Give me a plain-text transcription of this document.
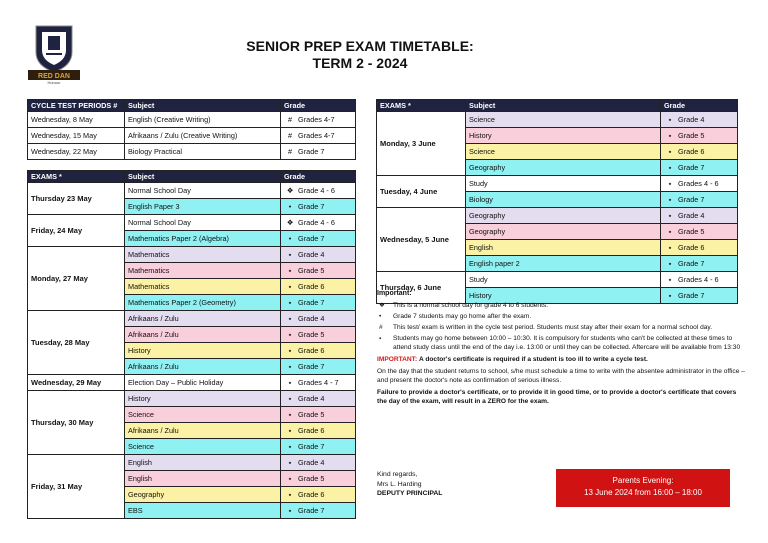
RED DAN
Honour
SENIOR PREP EXAM TIMETABLE:
TERM 2 - 2024
CYCLE TEST PERIODS #	Subject	Grade
Wednesday, 8 May	English (Creative Writing)	# Grades 4-7
Wednesday, 15 May	Afrikaans / Zulu (Creative Writing)	# Grades 4-7
Wednesday, 22 May	Biology Practical	# Grade 7
EXAMS *	Subject	Grade
Thursday 23 May	Normal School Day	❖ Grade 4 - 6
	English Paper 3	• Grade 7
Friday, 24 May	Normal School Day	❖ Grade 4 - 6
	Mathematics Paper 2 (Algebra)	• Grade 7
Monday, 27 May	Mathematics	⬩ Grade 4
	Mathematics	⬩ Grade 5
	Mathematics	⬩ Grade 6
	Mathematics Paper 2 (Geometry)	⬩ Grade 7
Tuesday, 28 May	Afrikaans / Zulu	⬩ Grade 4
	Afrikaans / Zulu	⬩ Grade 5
	History	⬩ Grade 6
	Afrikaans / Zulu	⬩ Grade 7
Wednesday, 29 May	Election Day – Public Holiday	⬩ Grades 4 - 7
Thursday, 30 May	History	⬩ Grade 4
	Science	⬩ Grade 5
	Afrikaans / Zulu	⬩ Grade 6
	Science	⬩ Grade 7
Friday, 31 May	English	⬩ Grade 4
	English	⬩ Grade 5
	Geography	⬩ Grade 6
	EBS	⬩ Grade 7
EXAMS *	Subject	Grade
Monday, 3 June	Science	⬩ Grade 4
	History	⬩ Grade 5
	Science	⬩ Grade 6
	Geography	⬩ Grade 7
Tuesday, 4 June	Study	⬩ Grades 4 - 6
	Biology	⬩ Grade 7
Wednesday, 5 June	Geography	⬩ Grade 4
	Geography	⬩ Grade 5
	English	⬩ Grade 6
	English paper 2	⬩ Grade 7
Thursday, 6 June	Study	⬩ Grades 4 - 6
	History	⬩ Grade 7
Important:
❖ This is a normal school day for grade 4 to 6 students.
• Grade 7 students may go home after the exam.
# This test/ exam is written in the cycle test period. Students must stay after their exam for a normal school day.
⬩ Students may go home between 10:00 – 10:30. It is compulsory for students who can't be collected at these times to attend study class until the end of the day i.e. 13:00 or until they can be collected. Aftercare will be available from 13:30

IMPORTANT: A doctor's certificate is required if a student is too ill to write a cycle test.

On the day that the student returns to school, s/he must schedule a time to write with the absentee administrator in the office – and present the doctor's note as confirmation of serious illness.

Failure to provide a doctor's certificate, or to provide it in good time, or to provide a doctor's certificate that covers the day of the exam, will result in a ZERO for the exam.

Kind regards,
Mrs L. Harding
DEPUTY PRINCIPAL
Parents Evening:
13 June 2024 from 16:00 – 18:00
